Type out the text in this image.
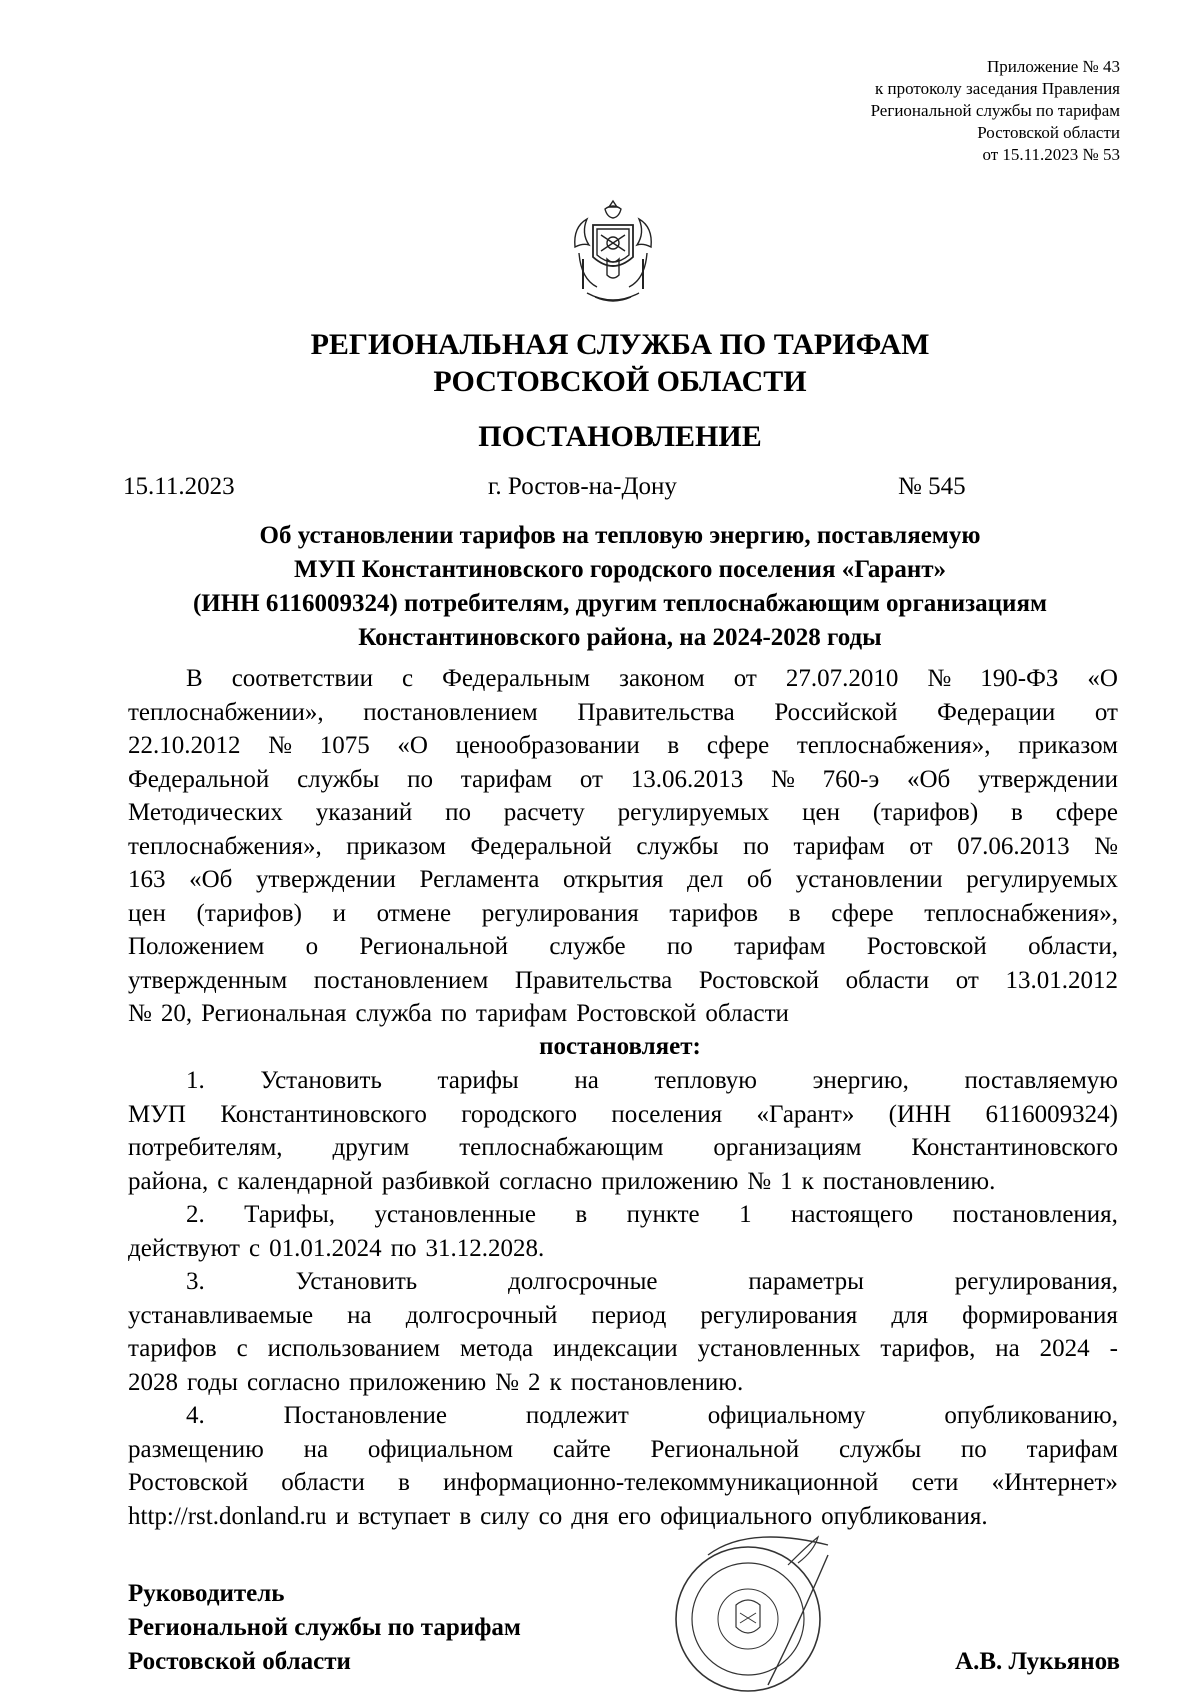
Приложение № 43
к протоколу заседания Правления
Региональной службы по тарифам
Ростовской области
от 15.11.2023 № 53
РЕГИОНАЛЬНАЯ СЛУЖБА ПО ТАРИФАМ
РОСТОВСКОЙ ОБЛАСТИ
ПОСТАНОВЛЕНИЕ
15.11.2023	г. Ростов-на-Дону	№ 545
Об установлении тарифов на тепловую энергию, поставляемую
МУП Константиновского городского поселения «Гарант»
(ИНН 6116009324) потребителям, другим теплоснабжающим организациям
Константиновского района, на 2024-2028 годы
В соответствии с Федеральным законом от 27.07.2010 № 190-ФЗ «О
теплоснабжении», постановлением Правительства Российской Федерации от
22.10.2012 № 1075 «О ценообразовании в сфере теплоснабжения», приказом
Федеральной службы по тарифам от 13.06.2013 № 760-э «Об утверждении
Методических указаний по расчету регулируемых цен (тарифов) в сфере
теплоснабжения», приказом Федеральной службы по тарифам от 07.06.2013 №
163 «Об утверждении Регламента открытия дел об установлении регулируемых
цен (тарифов) и отмене регулирования тарифов в сфере теплоснабжения»,
Положением о Региональной службе по тарифам Ростовской области,
утвержденным постановлением Правительства Ростовской области от 13.01.2012
№ 20, Региональная служба по тарифам Ростовской области
постановляет:
1. Установить тарифы на тепловую энергию, поставляемую
МУП Константиновского городского поселения «Гарант» (ИНН 6116009324)
потребителям, другим теплоснабжающим организациям Константиновского
района, с календарной разбивкой согласно приложению № 1 к постановлению.
2. Тарифы, установленные в пункте 1 настоящего постановления,
действуют с 01.01.2024 по 31.12.2028.
3.	Установить	долгосрочные	параметры	регулирования,
устанавливаемые на долгосрочный период регулирования для формирования
тарифов с использованием метода индексации установленных тарифов, на 2024 -
2028 годы согласно приложению № 2 к постановлению.
4.	Постановление	подлежит	официальному	опубликованию,
размещению на официальном сайте Региональной службы по тарифам
Ростовской области в информационно-телекоммуникационной сети «Интернет»
http://rst.donland.ru и вступает в силу со дня его официального опубликования.
Руководитель
Региональной службы по тарифам
Ростовской области	А.В. Лукьянов
